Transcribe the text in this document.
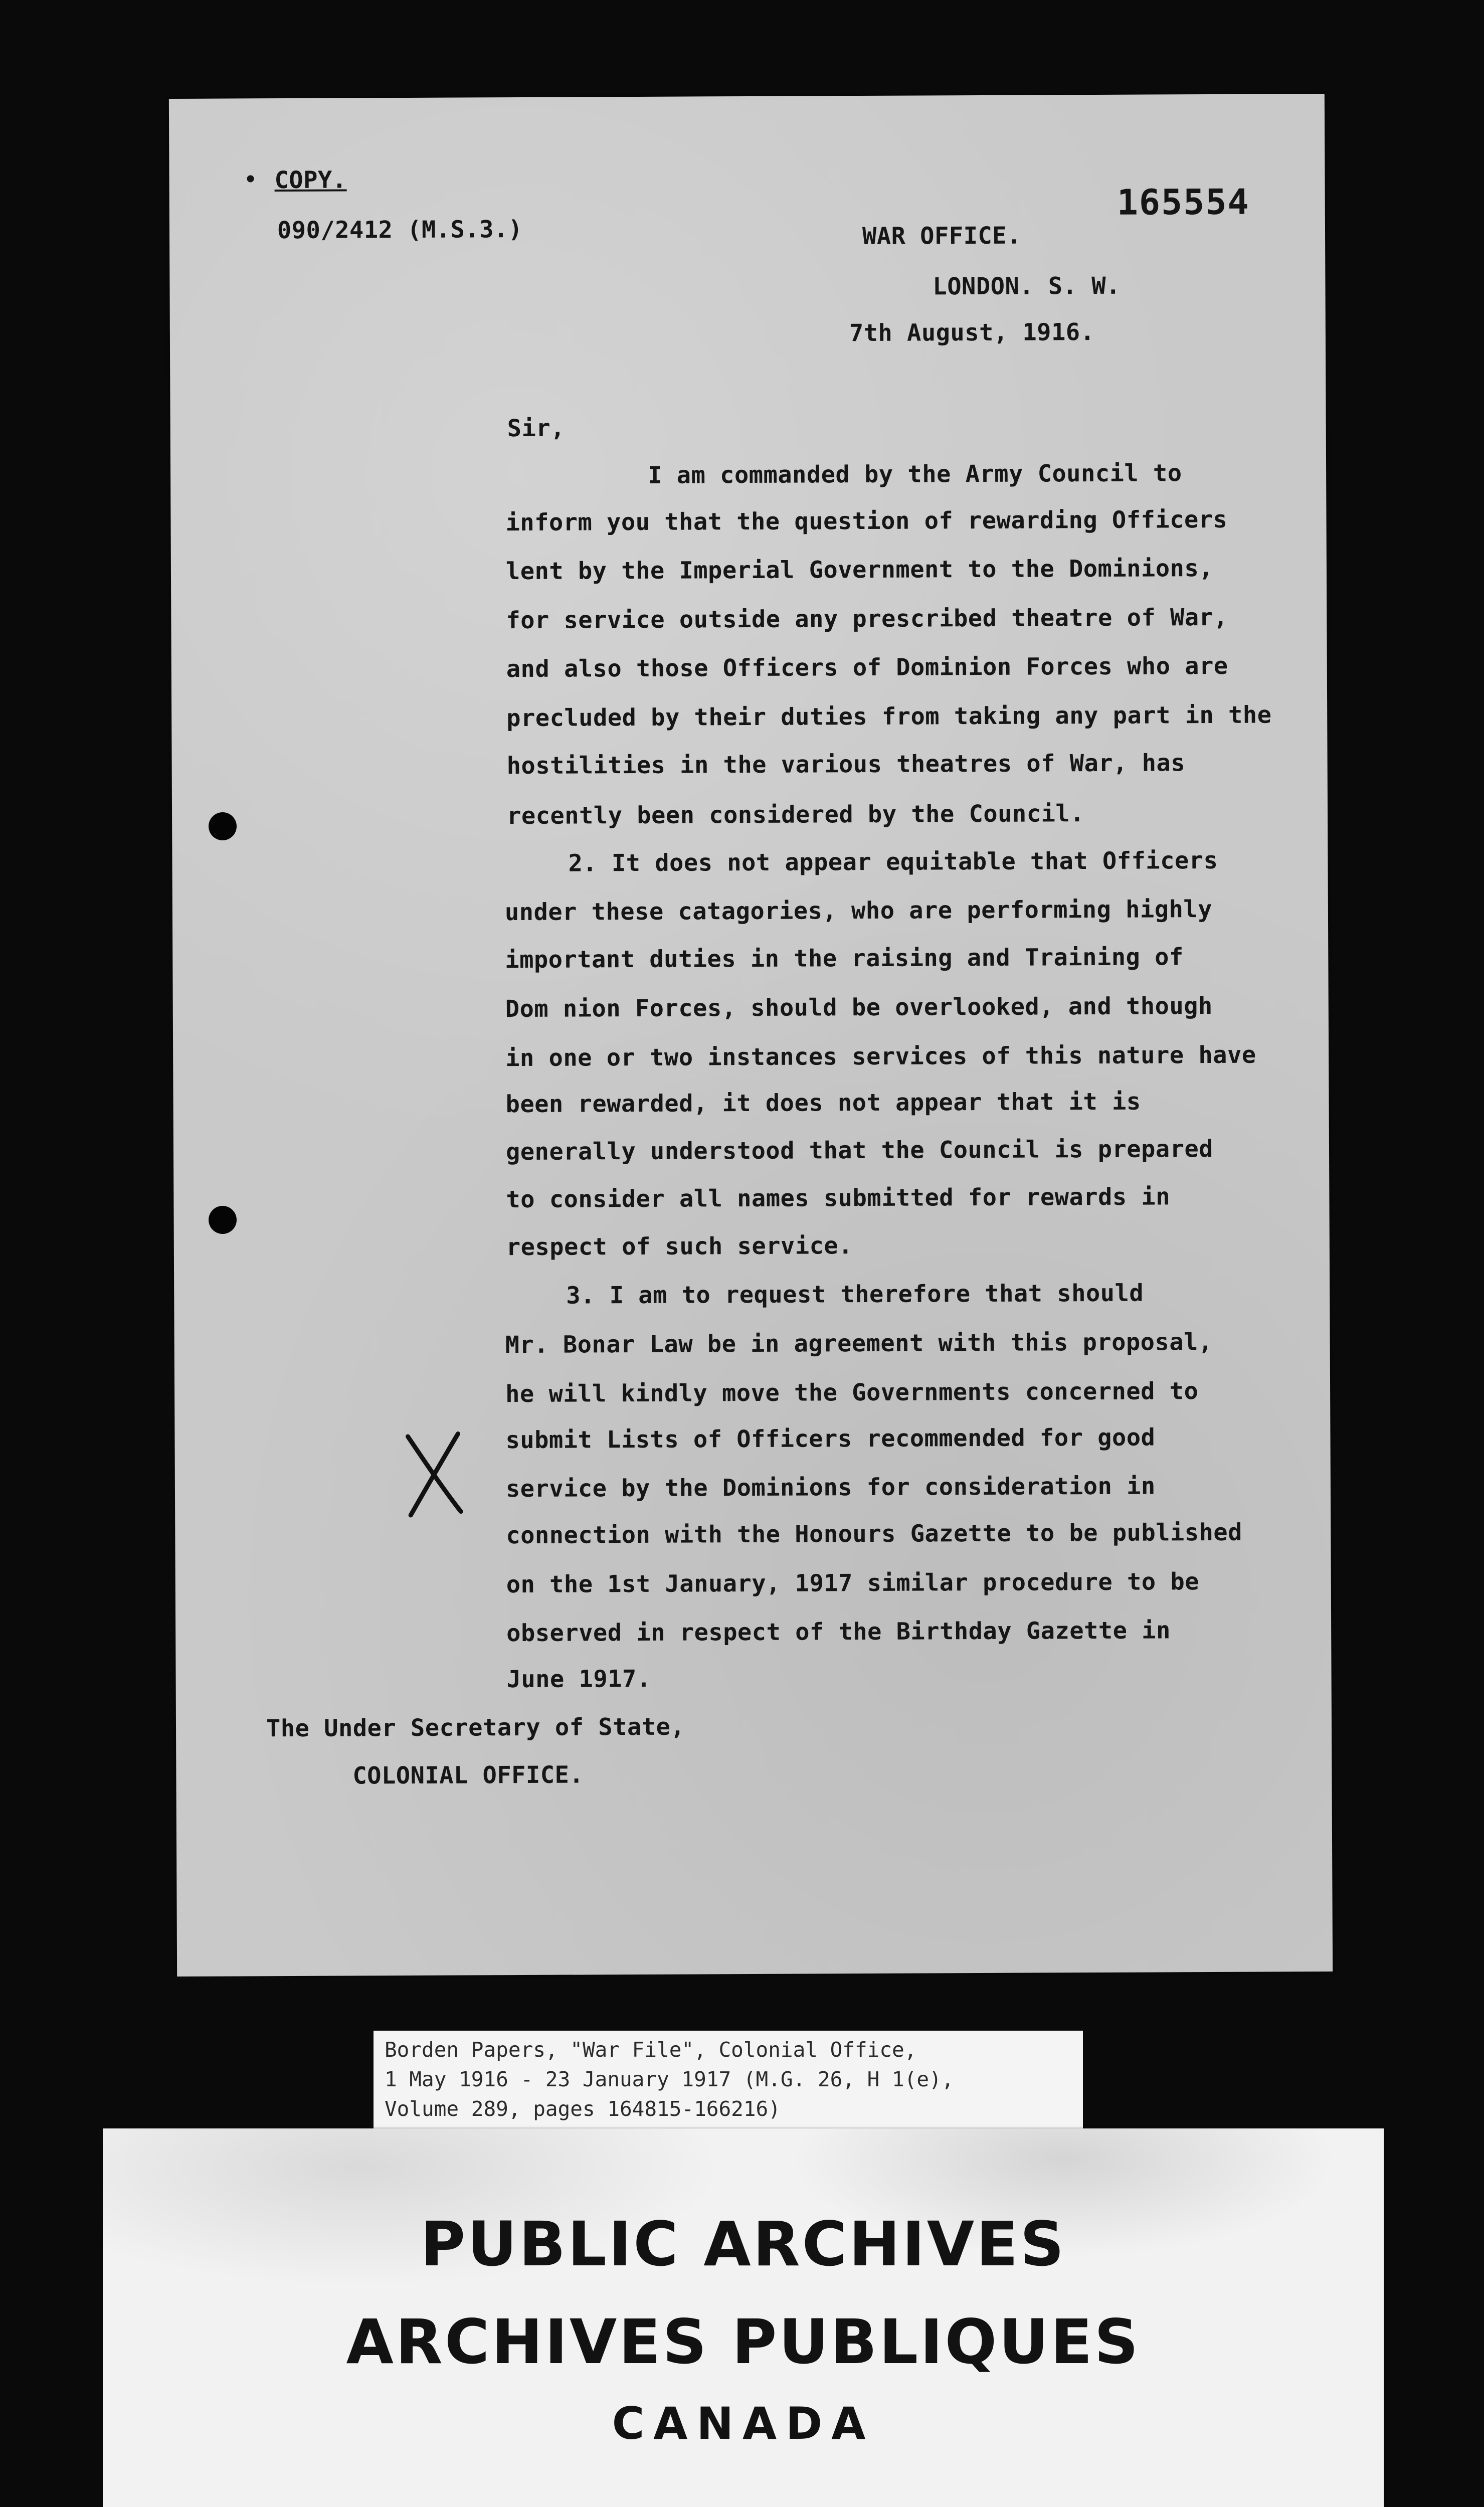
• COPY.
090/2412 (M.S.3.)
165554
WAR OFFICE.
LONDON. S. W.
7th August, 1916.
Sir,
I am commanded by the Army Council to
inform you that the question of rewarding Officers
lent by the Imperial Government to the Dominions,
for service outside any prescribed theatre of War,
and also those Officers of Dominion Forces who are
precluded by their duties from taking any part in the
hostilities in the various theatres of War, has
recently been considered by the Council.
2. It does not appear equitable that Officers
under these catagories, who are performing highly
important duties in the raising and Training of
Dom nion Forces, should be overlooked, and though
in one or two instances services of this nature have
been rewarded, it does not appear that it is
generally understood that the Council is prepared
to consider all names submitted for rewards in
respect of such service.
3. I am to request therefore that should
Mr. Bonar Law be in agreement with this proposal,
he will kindly move the Governments concerned to
submit Lists of Officers recommended for good
service by the Dominions for consideration in
connection with the Honours Gazette to be published
on the 1st January, 1917 similar procedure to be
observed in respect of the Birthday Gazette in
June 1917.
The Under Secretary of State,
COLONIAL OFFICE.
Borden Papers, "War File", Colonial Office,
1 May 1916 - 23 January 1917 (M.G. 26, H 1(e),
Volume 289, pages 164815-166216)
PUBLIC ARCHIVES
ARCHIVES PUBLIQUES
CANADA
